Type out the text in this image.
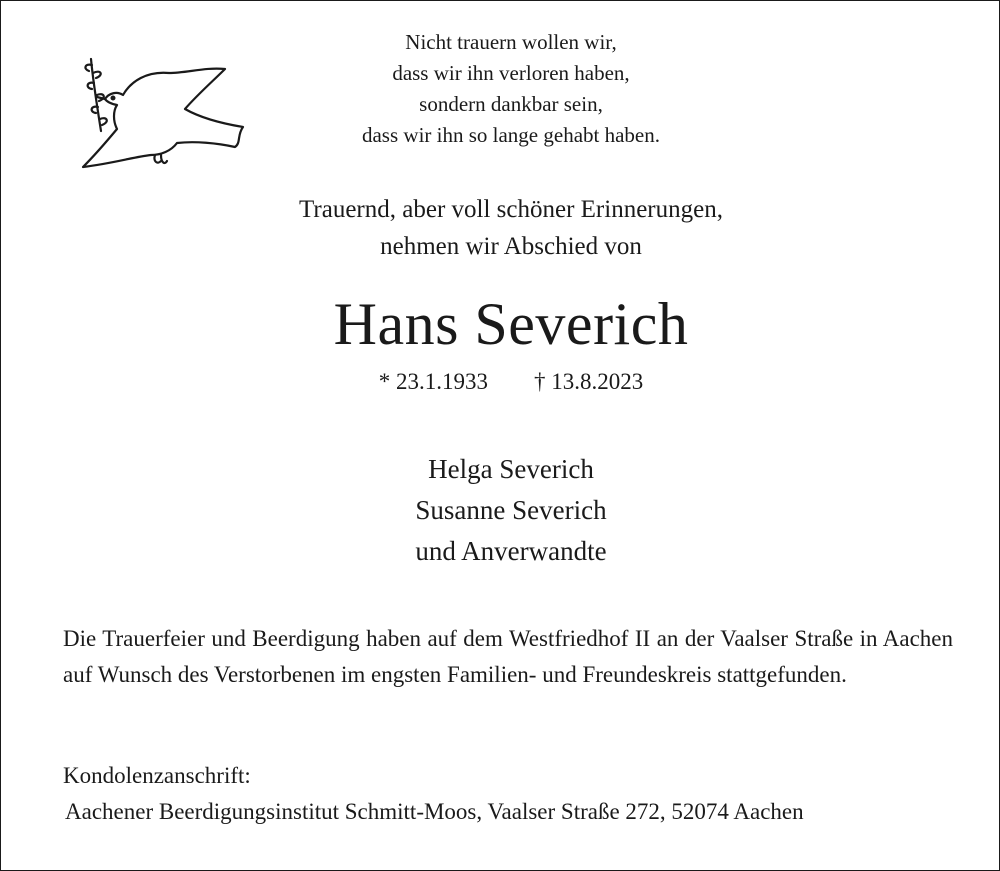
Nicht trauern wollen wir,
dass wir ihn verloren haben,
sondern dankbar sein,
dass wir ihn so lange gehabt haben.
Trauernd, aber voll schöner Erinnerungen,
nehmen wir Abschied von
Hans Severich
* 23.1.1933 † 13.8.2023
Helga Severich
Susanne Severich
und Anverwandte
Die Trauerfeier und Beerdigung haben auf dem Westfriedhof II an der Vaalser Straße in Aachen auf Wunsch des Verstorbenen im engsten Familien- und Freundeskreis stattgefunden.
Kondolenzanschrift:
Aachener Beerdigungsinstitut Schmitt-Moos, Vaalser Straße 272, 52074 Aachen
